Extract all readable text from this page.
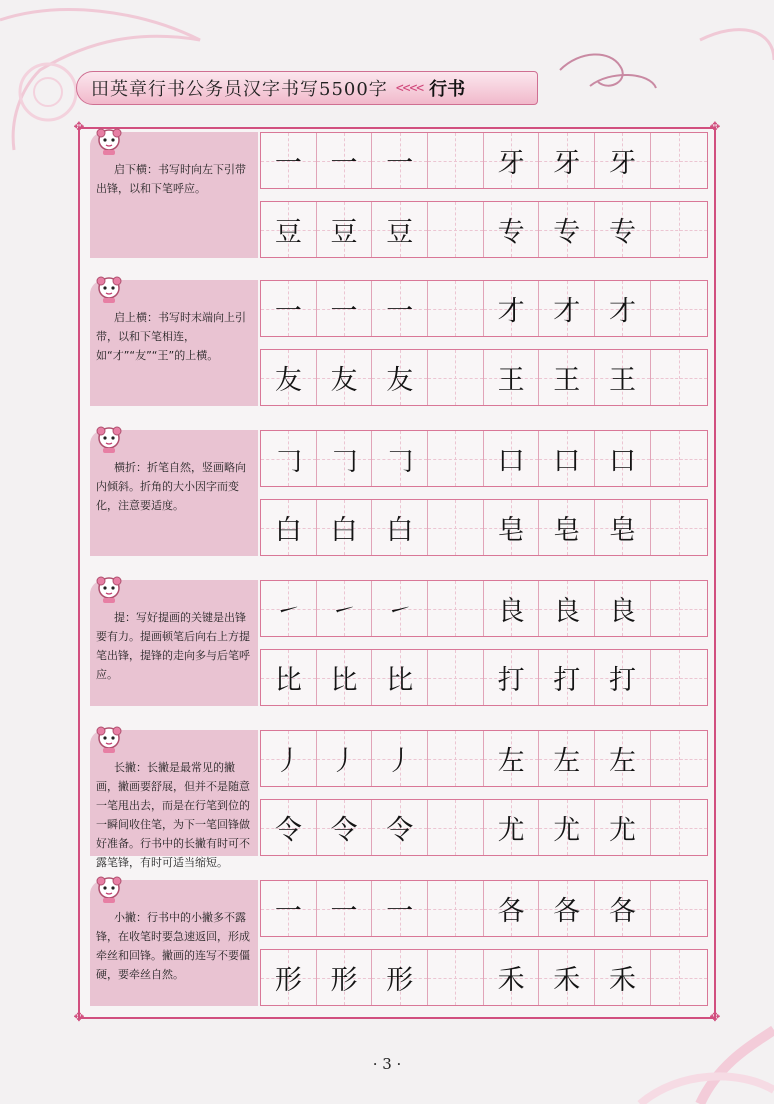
田英章行书公务员汉字书写5500字 <<<< 行书
✥	✥
✥	✥
启下横：书写时向左下引带出锋，以和下笔呼应。
一 一 一	牙 牙 牙
豆 豆 豆	专 专 专
启上横：书写时末端向上引带，以和下笔相连，如“才”“友”“王”的上横。
一 一 一	才 才 才
友 友 友	王 王 王
横折：折笔自然，竖画略向内倾斜。折角的大小因字而变化，注意要适度。
𠃌 𠃌 𠃌	口 口 口
白 白 白	皂 皂 皂
提：写好提画的关键是出锋要有力。提画顿笔后向右上方提笔出锋，提锋的走向多与后笔呼应。
㇀ ㇀ ㇀	良 良 良
比 比 比	打 打 打
长撇：长撇是最常见的撇画，撇画要舒展，但并不是随意一笔甩出去，而是在行笔到位的一瞬间收住笔，为下一笔回锋做好准备。行书中的长撇有时可不露笔锋，有时可适当缩短。
丿 丿 丿	左 左 左
令 令 令	尤 尤 尤
小撇：行书中的小撇多不露锋，在收笔时要急速返回，形成牵丝和回锋。撇画的连写不要僵硬，要牵丝自然。
一 一 一	各 各 各
形 形 形	禾 禾 禾
· 3 ·
